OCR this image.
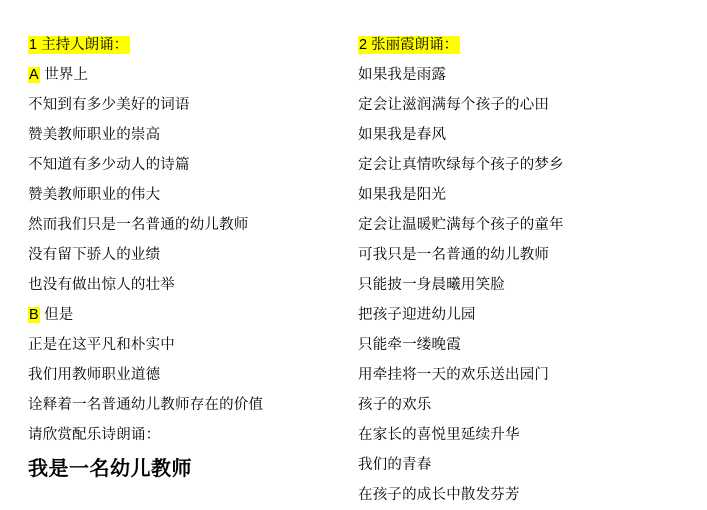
1 主持人朗诵：
A 世界上
不知到有多少美好的词语
赞美教师职业的崇高
不知道有多少动人的诗篇
赞美教师职业的伟大
然而我们只是一名普通的幼儿教师
没有留下骄人的业绩
也没有做出惊人的壮举
B 但是
正是在这平凡和朴实中
我们用教师职业道德
诠释着一名普通幼儿教师存在的价值
请欣赏配乐诗朗诵：
我是一名幼儿教师
2 张丽霞朗诵：
如果我是雨露
定会让滋润满每个孩子的心田
如果我是春风
定会让真情吹绿每个孩子的梦乡
如果我是阳光
定会让温暖贮满每个孩子的童年
可我只是一名普通的幼儿教师
只能披一身晨曦用笑脸
把孩子迎进幼儿园
只能牵一缕晚霞
用牵挂将一天的欢乐送出园门
孩子的欢乐
在家长的喜悦里延续升华
我们的青春
在孩子的成长中散发芬芳
